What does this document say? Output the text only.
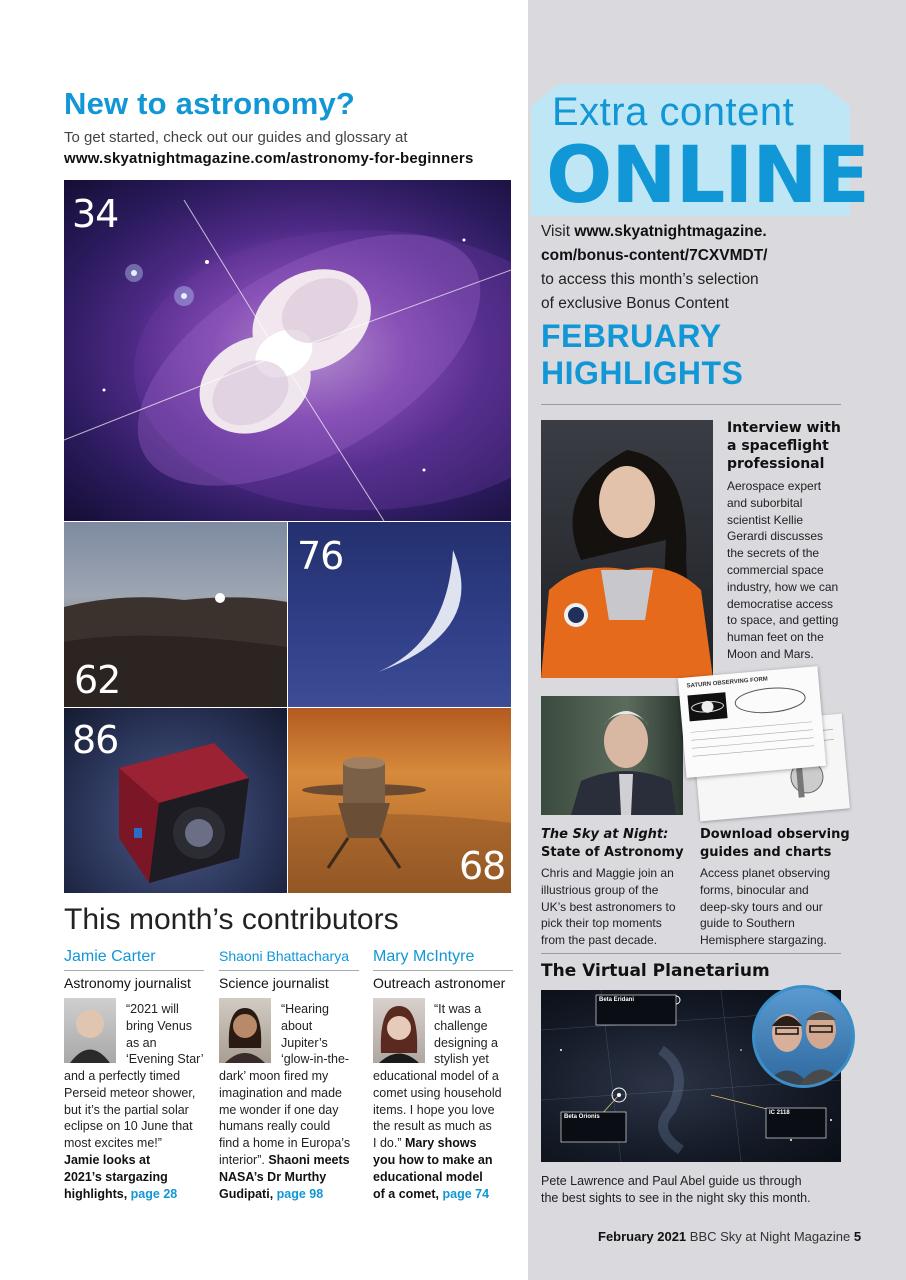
New to astronomy?
To get started, check out our guides and glossary at
www.skyatnightmagazine.com/astronomy-for-beginners
34
62
76
86
68
This month’s contributors
Jamie Carter
Astronomy journalist
“2021 will
bring Venus
as an
‘Evening Star’
and a perfectly timed
Perseid meteor shower,
but it’s the partial solar
eclipse on 10 June that
most excites me!”
Jamie looks at
2021’s stargazing
highlights, page 28
Shaoni Bhattacharya
Science journalist
“Hearing
about
Jupiter’s
‘glow-in-the-
dark’ moon fired my
imagination and made
me wonder if one day
humans really could
find a home in Europa’s
interior”. Shaoni meets
NASA’s Dr Murthy
Gudipati, page 98
Mary McIntyre
Outreach astronomer
“It was a
challenge
designing a
stylish yet
educational model of a
comet using household
items. I hope you love
the result as much as
I do.” Mary shows
you how to make an
educational model
of a comet, page 74
Extra content
ONLINE
Visit www.skyatnightmagazine.
com/bonus-content/7CXVMDT/
to access this month’s selection
of exclusive Bonus Content
FEBRUARY
HIGHLIGHTS
Interview with
a spaceflight
professional
Aerospace expert
and suborbital
scientist Kellie
Gerardi discusses
the secrets of the
commercial space
industry, how we can
democratise access
to space, and getting
human feet on the
Moon and Mars.
SATURN OBSERVING FORM
The Sky at Night:
State of Astronomy
Chris and Maggie join an
illustrious group of the
UK’s best astronomers to
pick their top moments
from the past decade.
Download observing
guides and charts
Access planet observing
forms, binocular and
deep-sky tours and our
guide to Southern
Hemisphere stargazing.
The Virtual Planetarium
Beta Eridani
Beta Orionis
IC 2118
Pete Lawrence and Paul Abel guide us through
the best sights to see in the night sky this month.
February 2021 BBC Sky at Night Magazine 5
